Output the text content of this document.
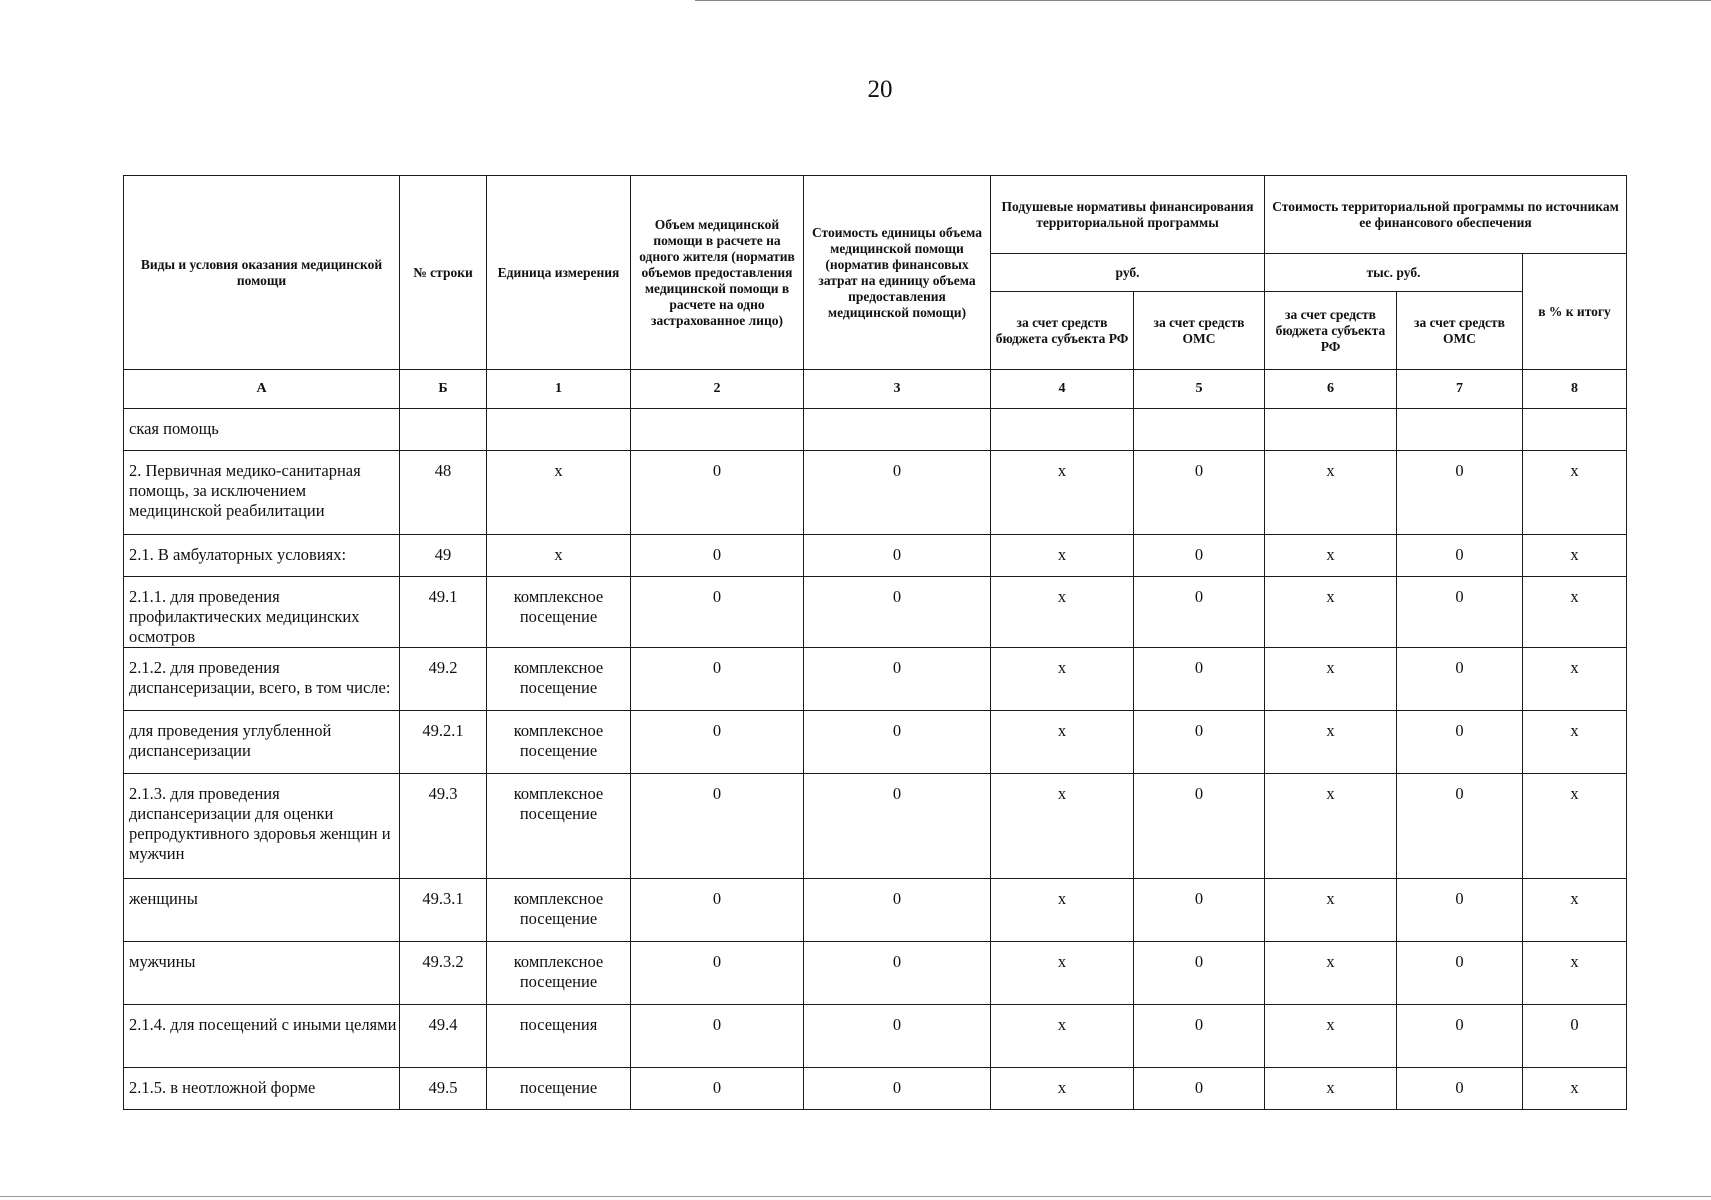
20
Виды и условия оказания медицинской помощи	№ строки	Единица измерения	Объем медицинской помощи в расчете на одного жителя (норматив объемов предоставления медицинской помощи в расчете на одно застрахованное лицо)	Стоимость единицы объема медицинской помощи (норматив финансовых затрат на единицу объема предоставления медицинской помощи)	Подушевые нормативы финансирования территориальной программы		Стоимость территориальной программы по источникам ее финансового обеспечения		
					руб.		тыс. руб.		в % к итогу
					за счет средств бюджета субъекта РФ	за счет средств ОМС	за счет средств бюджета субъекта РФ	за счет средств ОМС	
А	Б	1	2	3	4	5	6	7	8
ская помощь									
2. Первичная медико-санитарная помощь, за исключением медицинской реабилитации	48	х	0	0	х	0	х	0	х
2.1. В амбулаторных условиях:	49	х	0	0	х	0	х	0	х
2.1.1. для проведения профилактических медицинских осмотров	49.1	комплексное посещение	0	0	х	0	х	0	х
2.1.2. для проведения диспансеризации, всего, в том числе:	49.2	комплексное посещение	0	0	х	0	х	0	х
для проведения углубленной диспансеризации	49.2.1	комплексное посещение	0	0	х	0	х	0	х
2.1.3. для проведения диспансеризации для оценки репродуктивного здоровья женщин и мужчин	49.3	комплексное посещение	0	0	х	0	х	0	х
женщины	49.3.1	комплексное посещение	0	0	х	0	х	0	х
мужчины	49.3.2	комплексное посещение	0	0	х	0	х	0	х
2.1.4. для посещений с иными целями	49.4	посещения	0	0	х	0	х	0	0
2.1.5. в неотложной форме	49.5	посещение	0	0	х	0	х	0	х
